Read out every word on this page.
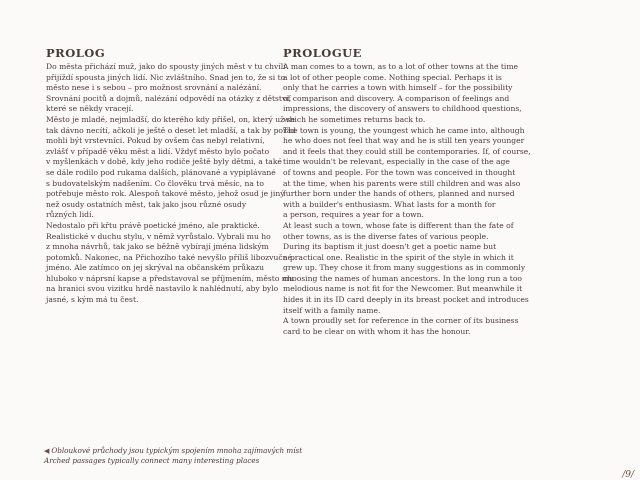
PROLOG
Do města přichází muž, jako do spousty jiných měst v tu chvíli
přijíždí spousta jiných lidí. Nic zvláštního. Snad jen to, že si to
město nese i s sebou – pro možnost srovnání a nalézání.
Srovnání pocitů a dojmů, nalézání odpovědí na otázky z dětství,
které se někdy vracejí.
Město je mladé, nejmladší, do kterého kdy přišel, on, který už se
tak dávno necítí, ačkoli je ještě o deset let mladší, a tak by pořád
mohli být vrstevníci. Pokud by ovšem čas nebyl relativní,
zvlášť v případě věku měst a lidí. Vždyť město bylo počato
v myšlenkách v době, kdy jeho rodiče ještě byly dětmi, a také
se dále rodilo pod rukama dalších, plánované a vypiplávané
s budovatelským nadšením. Co člověku trvá měsíc, na to
potřebuje město rok. Alespoň takové město, jehož osud je jiný
než osudy ostatních měst, tak jako jsou různé osudy
různých lidí.
Nedostalo při křtu právě poetické jméno, ale praktické.
Realistické v duchu stylu, v němž vyrůstalo. Vybrali mu ho
z mnoha návrhů, tak jako se běžně vybírají jména lidským
potomků. Nakonec, na Přichozího také nevyšlo příliš libozvučné
jméno. Ale zatímco on jej skrýval na občanském průkazu
hluboko v náprsní kapse a představoval se příjmením, město mu
na hranici svou vizitku hrdě nastavilo k nahlédnutí, aby bylo
jasné, s kým má tu čest.
PROLOGUE
A man comes to a town, as to a lot of other towns at the time
a lot of other people come. Nothing special. Perhaps it is
only that he carries a town with himself – for the possibility
of comparison and discovery. A comparison of feelings and
impressions, the discovery of answers to childhood questions,
which he sometimes returns back to.
The town is young, the youngest which he came into, although
he who does not feel that way and he is still ten years younger
and it feels that they could still be contemporaries. If, of course,
time wouldn't be relevant, especially in the case of the age
of towns and people. For the town was conceived in thought
at the time, when his parents were still children and was also
further born under the hands of others, planned and nursed
with a builder's enthusiasm. What lasts for a month for
a person, requires a year for a town.
At least such a town, whose fate is different than the fate of
other towns, as is the diverse fates of various people.
During its baptism it just doesn't get a poetic name but
a practical one. Realistic in the spirit of the style in which it
grew up. They chose it from many suggestions as in commonly
choosing the names of human ancestors. In the long run a too
melodious name is not fit for the Newcomer. But meanwhile it
hides it in its ID card deeply in its breast pocket and introduces
itself with a family name.
A town proudly set for reference in the corner of its business
card to be clear on with whom it has the honour.
◀ Obloukové průchody jsou typickým spojením mnoha zajímavých míst
Arched passages typically connect many interesting places
/9/
